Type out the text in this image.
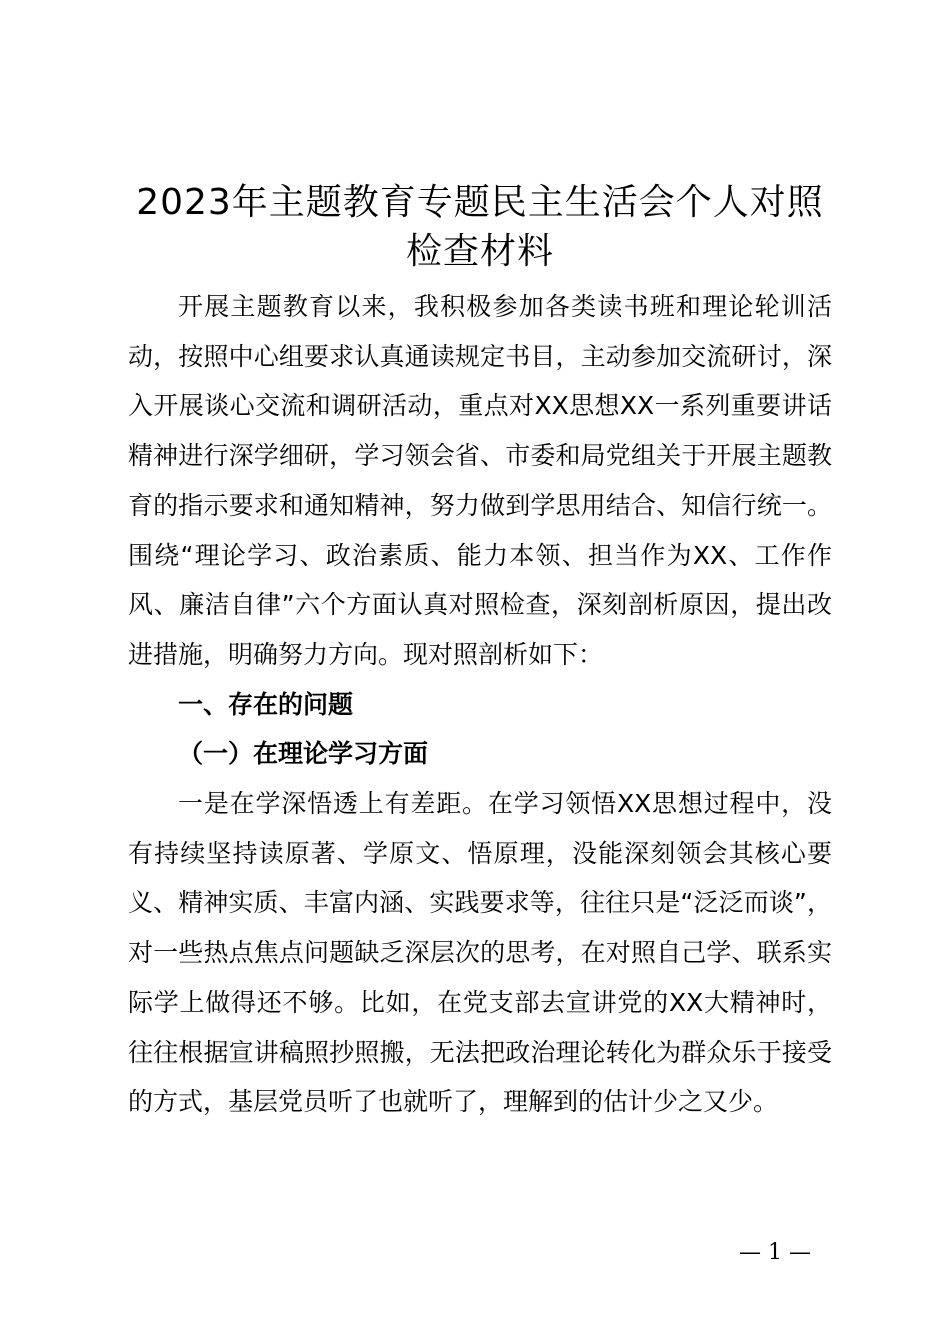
2023年主题教育专题民主生活会个人对照检查材料

开展主题教育以来，我积极参加各类读书班和理论轮训活动，按照中心组要求认真通读规定书目，主动参加交流研讨，深入开展谈心交流和调研活动，重点对XX思想XX一系列重要讲话精神进行深学细研，学习领会省、市委和局党组关于开展主题教育的指示要求和通知精神，努力做到学思用结合、知信行统一。围绕“理论学习、政治素质、能力本领、担当作为XX、工作作风、廉洁自律”六个方面认真对照检查，深刻剖析原因，提出改进措施，明确努力方向。现对照剖析如下：

一、存在的问题

（一）在理论学习方面

一是在学深悟透上有差距。在学习领悟XX思想过程中，没有持续坚持读原著、学原文、悟原理，没能深刻领会其核心要义、精神实质、丰富内涵、实践要求等，往往只是“泛泛而谈”，对一些热点焦点问题缺乏深层次的思考，在对照自己学、联系实际学上做得还不够。比如，在党支部去宣讲党的XX大精神时，往往根据宣讲稿照抄照搬，无法把政治理论转化为群众乐于接受的方式，基层党员听了也就听了，理解到的估计少之又少。

— 1 —
